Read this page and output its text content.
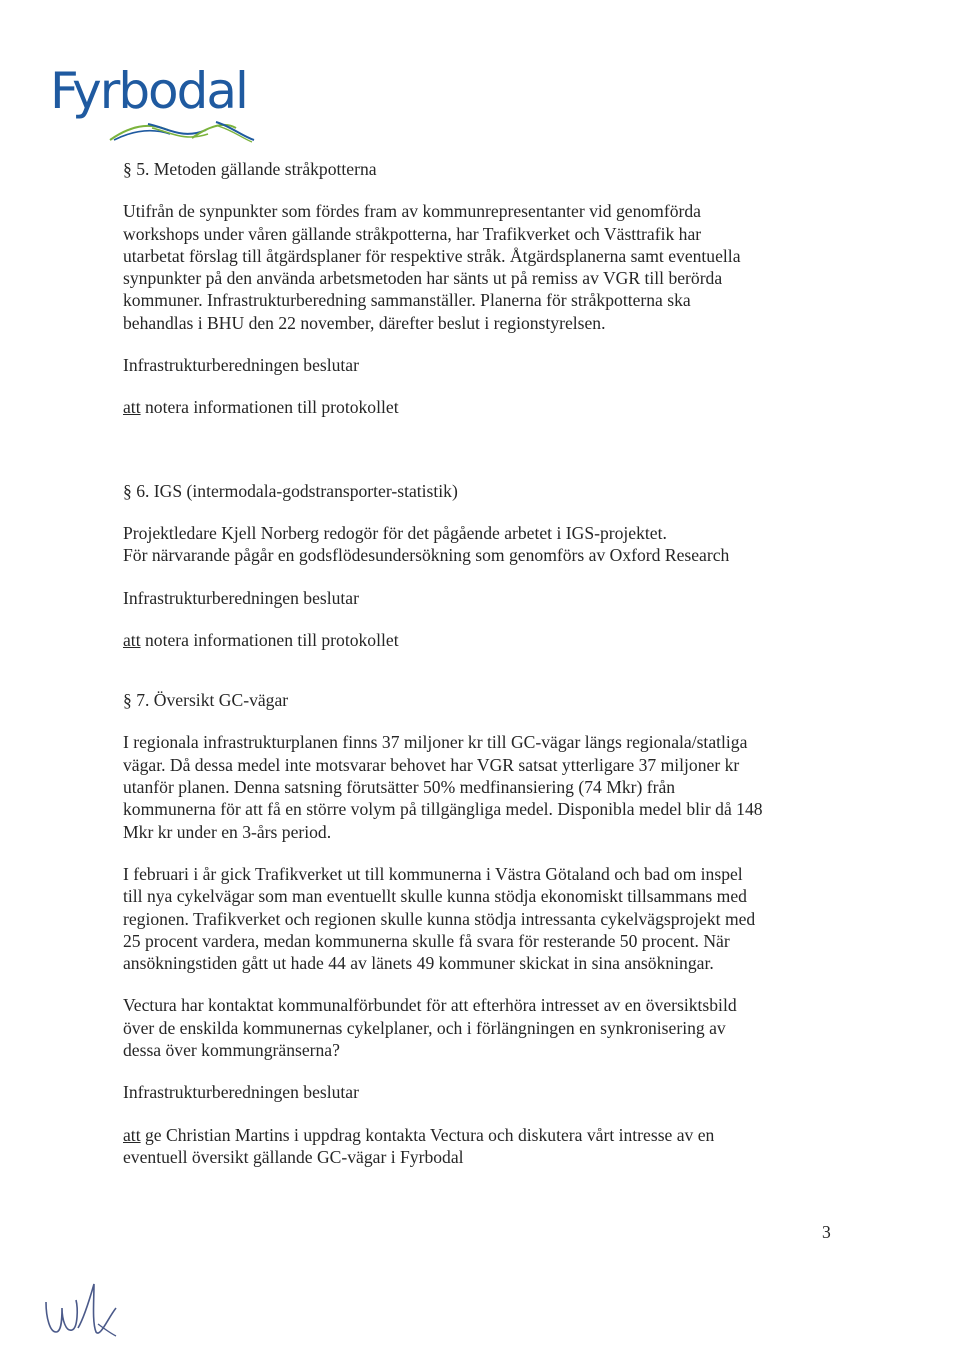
Fyrbodal

§ 5. Metoden gällande stråkpotterna

Utifrån de synpunkter som fördes fram av kommunrepresentanter vid genomförda

workshops under våren gällande stråkpotterna, har Trafikverket och Västtrafik har

utarbetat förslag till åtgärdsplaner för respektive stråk. Åtgärdsplanerna samt eventuella

synpunkter på den använda arbetsmetoden har sänts ut på remiss av VGR till berörda

kommuner. Infrastrukturberedning sammanställer. Planerna för stråkpotterna ska

behandlas i BHU den 22 november, därefter beslut i regionstyrelsen.

Infrastrukturberedningen beslutar

att notera informationen till protokollet

§ 6. IGS (intermodala-godstransporter-statistik)

Projektledare Kjell Norberg redogör för det pågående arbetet i IGS-projektet.

För närvarande pågår en godsflödesundersökning som genomförs av Oxford Research

Infrastrukturberedningen beslutar

att notera informationen till protokollet

§ 7. Översikt GC-vägar

I regionala infrastrukturplanen finns 37 miljoner kr till GC-vägar längs regionala/statliga

vägar. Då dessa medel inte motsvarar behovet har VGR satsat ytterligare 37 miljoner kr

utanför planen. Denna satsning förutsätter 50% medfinansiering (74 Mkr) från

kommunerna för att få en större volym på tillgängliga medel. Disponibla medel blir då 148

Mkr kr under en 3-års period.

I februari i år gick Trafikverket ut till kommunerna i Västra Götaland och bad om inspel

till nya cykelvägar som man eventuellt skulle kunna stödja ekonomiskt tillsammans med

regionen. Trafikverket och regionen skulle kunna stödja intressanta cykelvägsprojekt med

25 procent vardera, medan kommunerna skulle få svara för resterande 50 procent. När

ansökningstiden gått ut hade 44 av länets 49 kommuner skickat in sina ansökningar.

Vectura har kontaktat kommunalförbundet för att efterhöra intresset av en översiktsbild

över de enskilda kommunernas cykelplaner, och i förlängningen en synkronisering av

dessa över kommungränserna?

Infrastrukturberedningen beslutar

att ge Christian Martins i uppdrag kontakta Vectura och diskutera vårt intresse av en

eventuell översikt gällande GC-vägar i Fyrbodal

3
